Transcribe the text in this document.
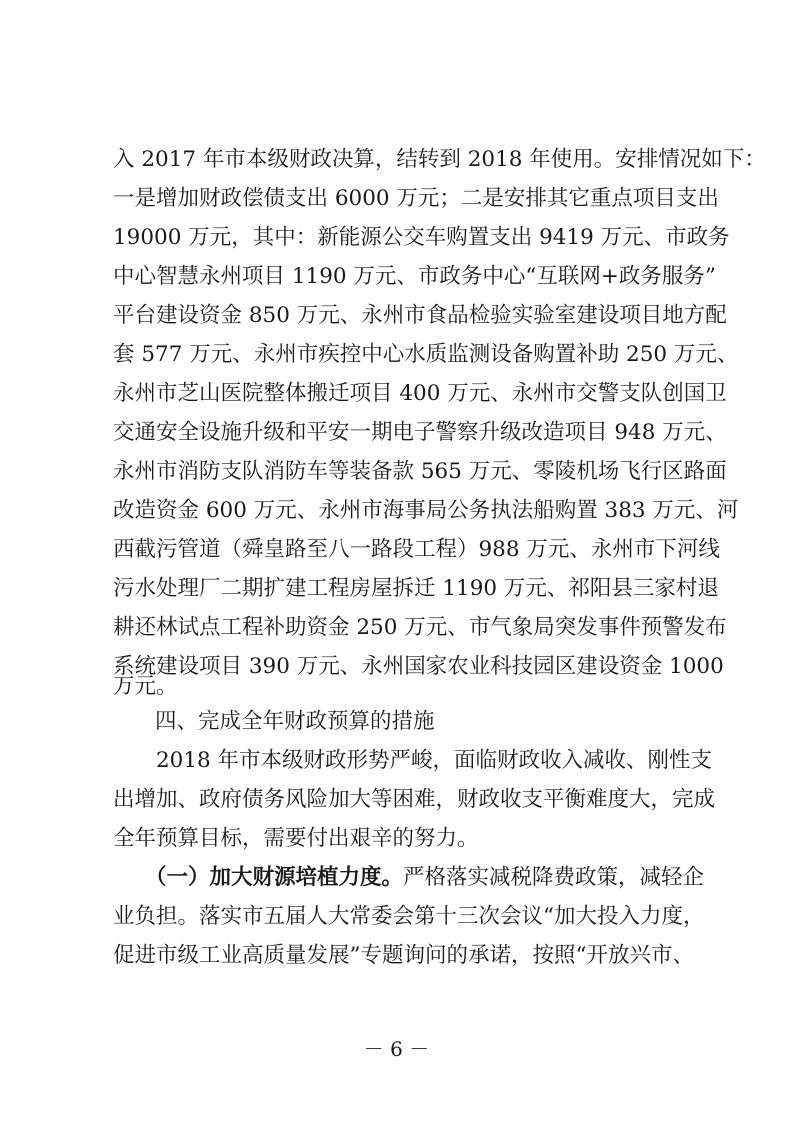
入 2017 年市本级财政决算，结转到 2018 年使用。安排情况如下：
一是增加财政偿债支出 6000 万元；二是安排其它重点项目支出
19000 万元，其中：新能源公交车购置支出 9419 万元、市政务
中心智慧永州项目 1190 万元、市政务中心“互联网+政务服务”
平台建设资金 850 万元、永州市食品检验实验室建设项目地方配
套 577 万元、永州市疾控中心水质监测设备购置补助 250 万元、
永州市芝山医院整体搬迁项目 400 万元、永州市交警支队创国卫
交通安全设施升级和平安一期电子警察升级改造项目 948 万元、
永州市消防支队消防车等装备款 565 万元、零陵机场飞行区路面
改造资金 600 万元、永州市海事局公务执法船购置 383 万元、河
西截污管道（舜皇路至八一路段工程）988 万元、永州市下河线
污水处理厂二期扩建工程房屋拆迁 1190 万元、祁阳县三家村退
耕还林试点工程补助资金 250 万元、市气象局突发事件预警发布
系统建设项目 390 万元、永州国家农业科技园区建设资金 1000
四、完成全年财政预算的措施
2018 年市本级财政形势严峻，面临财政收入减收、刚性支
出增加、政府债务风险加大等困难，财政收支平衡难度大，完成
全年预算目标，需要付出艰辛的努力。
（一）加大财源培植力度。严格落实减税降费政策，减轻企
业负担。落实市五届人大常委会第十三次会议“加大投入力度，
促进市级工业高质量发展”专题询问的承诺，按照“开放兴市、
万元。
－ 6 －
